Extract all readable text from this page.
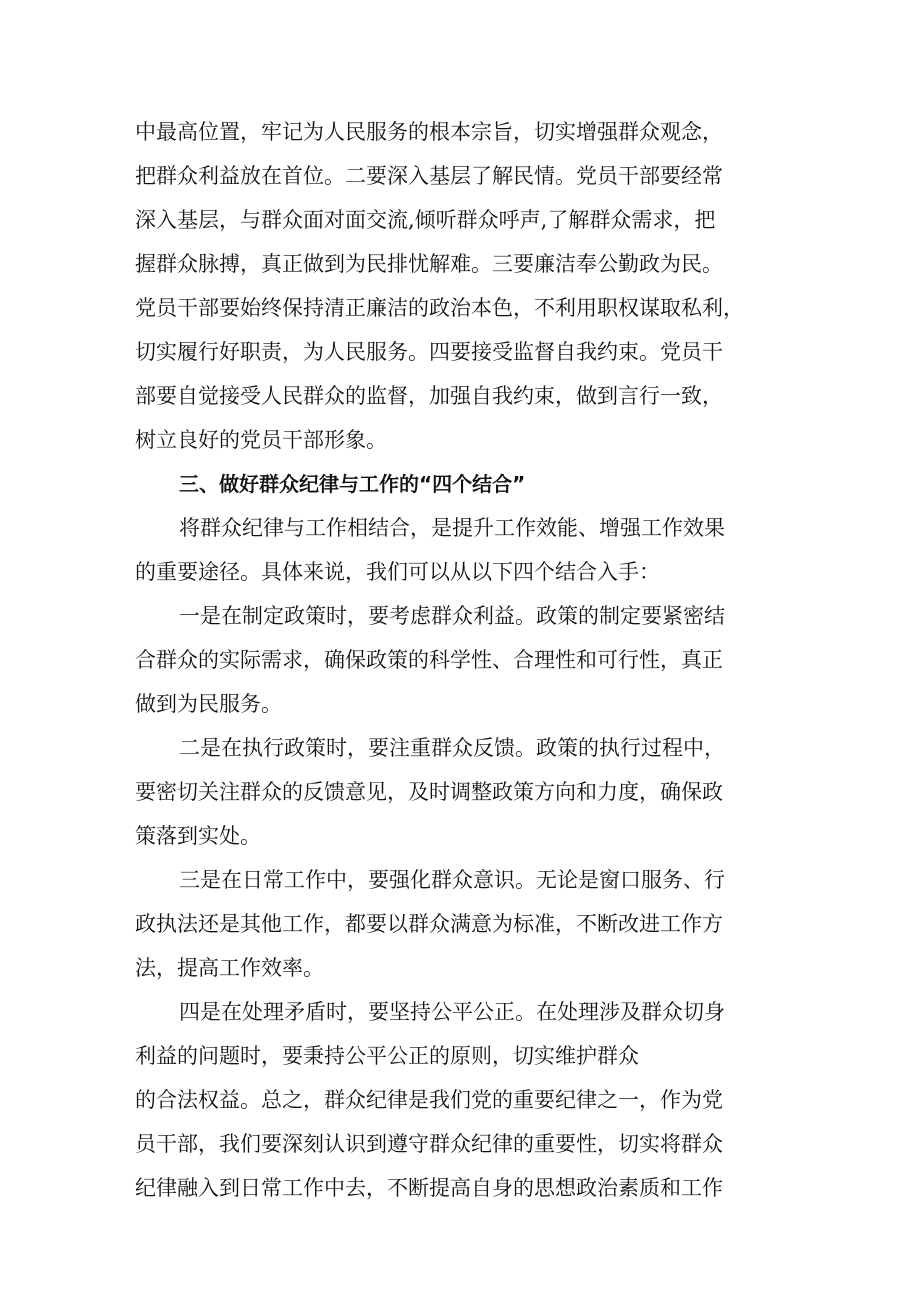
中最高位置，牢记为人民服务的根本宗旨，切实增强群众观念，
把群众利益放在首位。二要深入基层了解民情。党员干部要经常
深入基层，与群众面对面交流,倾听群众呼声,了解群众需求，把
握群众脉搏，真正做到为民排忧解难。三要廉洁奉公勤政为民。
党员干部要始终保持清正廉洁的政治本色，不利用职权谋取私利，
切实履行好职责，为人民服务。四要接受监督自我约束。党员干
部要自觉接受人民群众的监督，加强自我约束，做到言行一致，
树立良好的党员干部形象。
三、做好群众纪律与工作的“四个结合”
将群众纪律与工作相结合，是提升工作效能、增强工作效果
的重要途径。具体来说，我们可以从以下四个结合入手：
一是在制定政策时，要考虑群众利益。政策的制定要紧密结
合群众的实际需求，确保政策的科学性、合理性和可行性，真正
做到为民服务。
二是在执行政策时，要注重群众反馈。政策的执行过程中，
要密切关注群众的反馈意见，及时调整政策方向和力度，确保政
策落到实处。
三是在日常工作中，要强化群众意识。无论是窗口服务、行
政执法还是其他工作，都要以群众满意为标准，不断改进工作方
法，提高工作效率。
四是在处理矛盾时，要坚持公平公正。在处理涉及群众切身
利益的问题时，要秉持公平公正的原则，切实维护群众
的合法权益。总之，群众纪律是我们党的重要纪律之一，作为党
员干部，我们要深刻认识到遵守群众纪律的重要性，切实将群众
纪律融入到日常工作中去，不断提高自身的思想政治素质和工作
